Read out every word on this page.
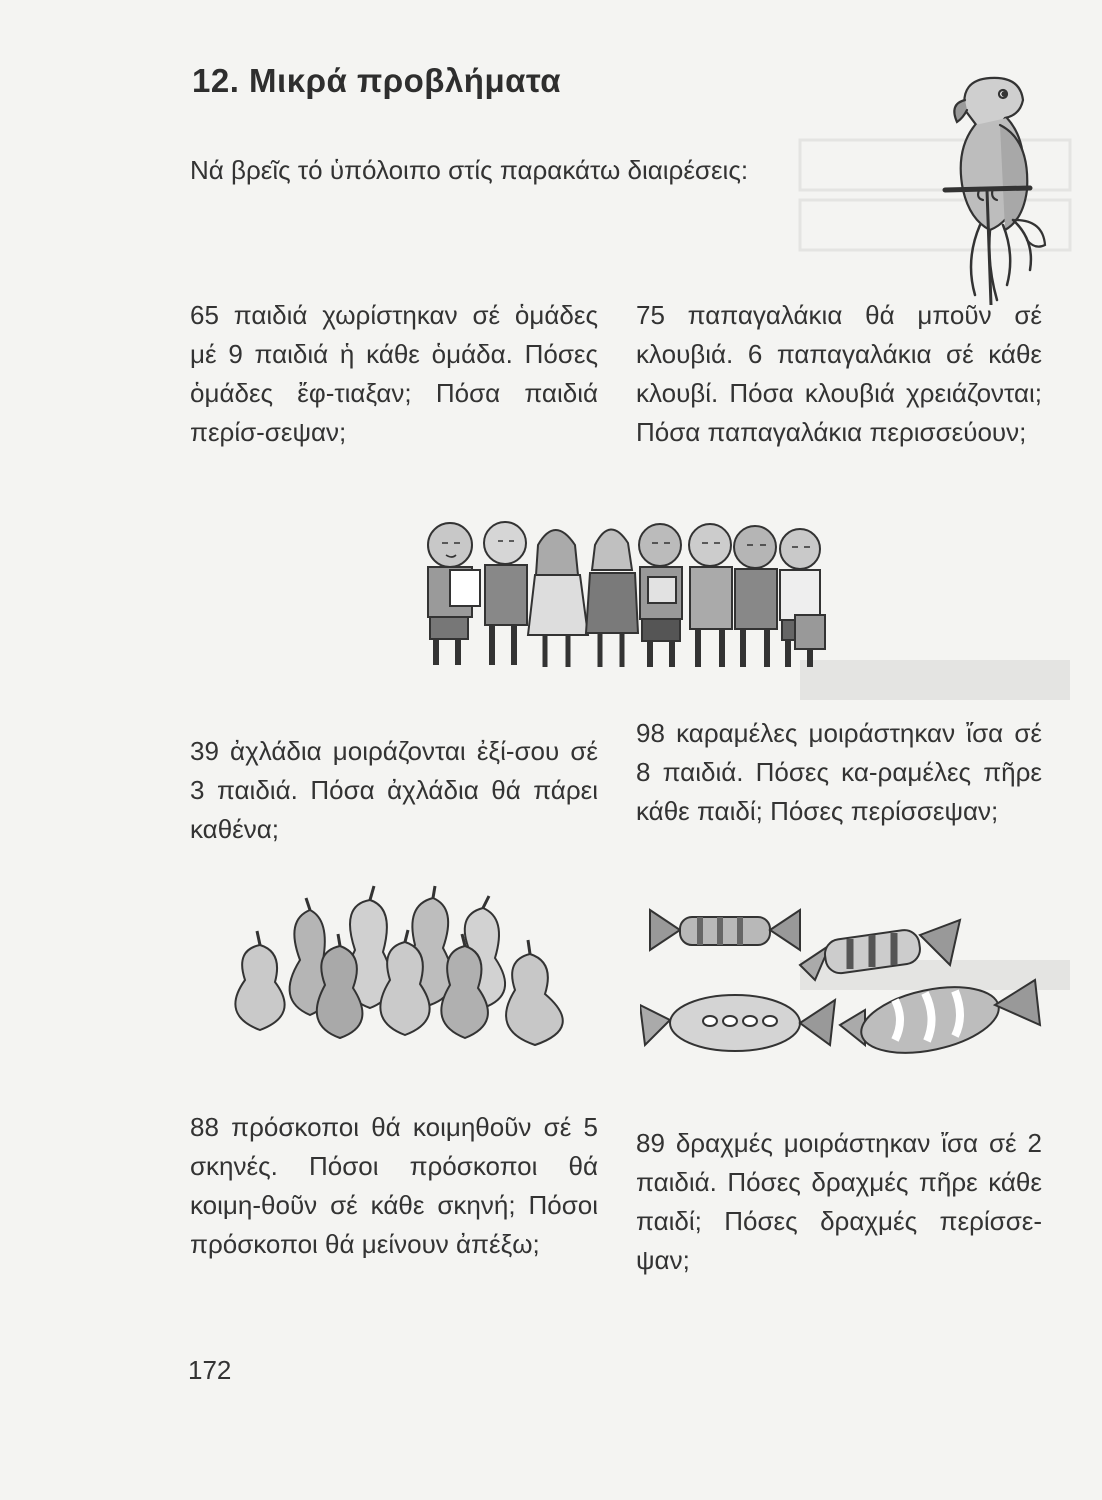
12. Μικρά προβλήματα
Νά βρεῖς τό ὑπόλοιπο στίς παρακάτω διαιρέσεις:

65 παιδιά χωρίστηκαν σέ ὁμάδες μέ 9 παιδιά ἡ κάθε ὁμάδα. Πόσες ὁμάδες ἔφ-τιαξαν; Πόσα παιδιά περίσ-σεψαν;

75 παπαγαλάκια θά μποῦν σέ κλουβιά. 6 παπαγαλάκια σέ κάθε κλουβί. Πόσα κλουβιά χρειάζονται; Πόσα παπαγαλάκια περισσεύουν;

39 ἀχλάδια μοιράζονται ἐξί-σου σέ 3 παιδιά. Πόσα ἀχλάδια θά πάρει καθένα;

98 καραμέλες μοιράστηκαν ἴσα σέ 8 παιδιά. Πόσες κα-ραμέλες πῆρε κάθε παιδί; Πόσες περίσσεψαν;

88 πρόσκοποι θά κοιμηθοῦν σέ 5 σκηνές. Πόσοι πρόσκοποι θά κοιμη-θοῦν σέ κάθε σκηνή; Πόσοι πρόσκοποι θά μείνουν ἀπέξω;

89 δραχμές μοιράστηκαν ἴσα σέ 2 παιδιά. Πόσες δραχμές πῆρε κάθε παιδί; Πόσες δραχμές περίσσε-ψαν;

172
